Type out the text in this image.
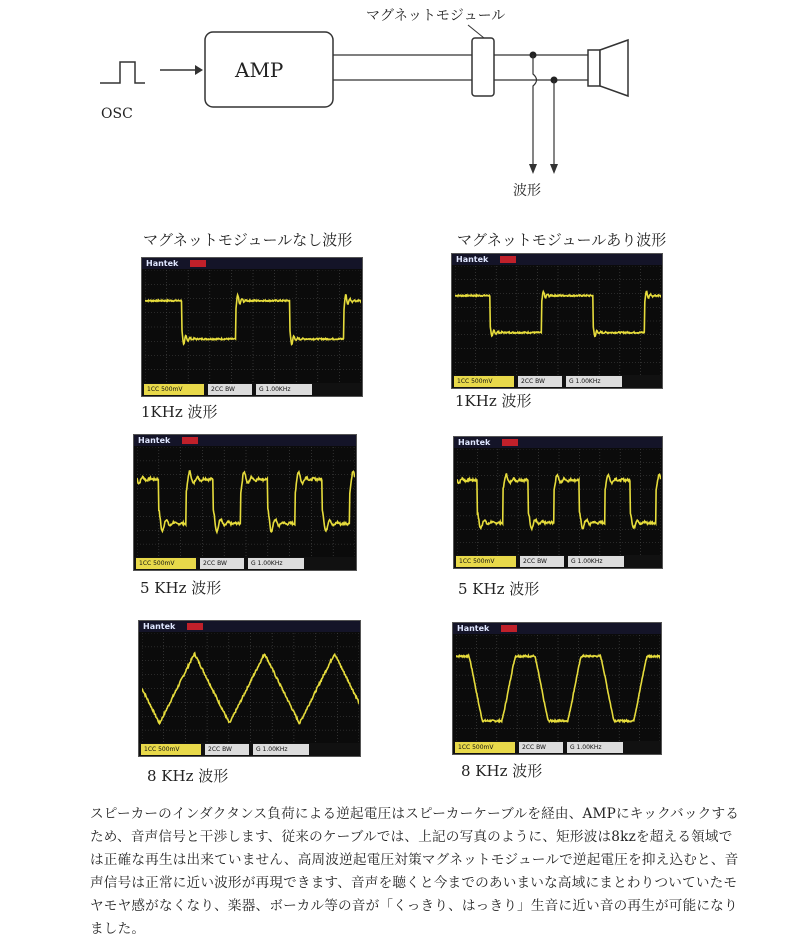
OSC
AMP
マグネットモジュール
波形
マグネットモジュールなし波形	マグネットモジュールあり波形
Hantek
1CC 500mV	2CC BW	G 1.00KHz
1KHz 波形
Hantek
1CC 500mV	2CC BW	G 1.00KHz
1KHz 波形
Hantek
1CC 500mV	2CC BW	G 1.00KHz
5 KHz 波形
Hantek
1CC 500mV	2CC BW	G 1.00KHz
5 KHz 波形
Hantek
1CC 500mV	2CC BW	G 1.00KHz
8 KHz 波形
Hantek
1CC 500mV	2CC BW	G 1.00KHz
8 KHz 波形
スピーカーのインダクタンス負荷による逆起電圧はスピーカーケーブルを経由、AMPにキックバックするため、音声信号と干渉します、従来のケーブルでは、上記の写真のように、矩形波は8kzを超える領域では正確な再生は出来ていません、高周波逆起電圧対策マグネットモジュールで逆起電圧を抑え込むと、音声信号は正常に近い波形が再現できます、音声を聴くと今までのあいまいな高域にまとわりついていたモヤモヤ感がなくなり、楽器、ボーカル等の音が「くっきり、はっきり」生音に近い音の再生が可能になりました。
